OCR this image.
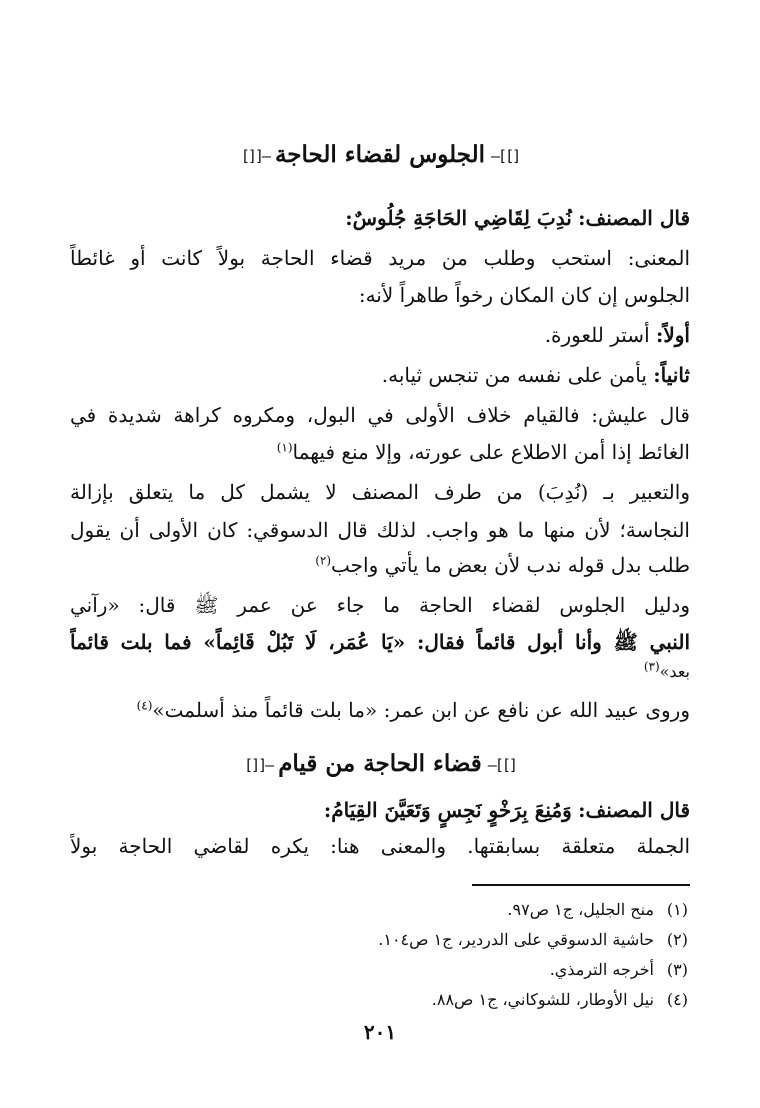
[]]—الجلوس لقضاء الحاجة—[[]
قال المصنف: نُدِبَ لِقَاضِي الحَاجَةِ جُلُوسٌ:
المعنى: استحب وطلب من مريد قضاء الحاجة بولاً كانت أو غائطاً
الجلوس إن كان المكان رخواً طاهراً لأنه:
أولاً: أستر للعورة.
ثانياً: يأمن على نفسه من تنجس ثيابه.
قال عليش: فالقيام خلاف الأولى في البول، ومكروه كراهة شديدة في
الغائط إذا أمن الاطلاع على عورته، وإلا منع فيهما$^{(١)}$
والتعبير بـ (نُدِبَ) من طرف المصنف لا يشمل كل ما يتعلق بإزالة
النجاسة؛ لأن منها ما هو واجب. لذلك قال الدسوقي: كان الأولى أن يقول
طلب بدل قوله ندب لأن بعض ما يأتي واجب$^{(٢)}$
ودليل الجلوس لقضاء الحاجة ما جاء عن عمر ﷺ قال: «رآني
النبي ﷺ وأنا أبول قائماً فقال: «يَا عُمَر، لَا تَبُلْ قَائِماً» فما بلت قائماً
بعد»$^{(٣)}$
وروى عبيد الله عن نافع عن ابن عمر: «ما بلت قائماً منذ أسلمت»$^{(٤)}$
[]]—قضاء الحاجة من قيام—[[]
قال المصنف: وَمُنِعَ بِرَخْوٍ نَجِسٍ وَتَعَيَّنَ القِيَامُ:
الجملة متعلقة بسابقتها. والمعنى هنا: يكره لقاضي الحاجة بولاً
(١)منح الجليل، ج١ ص٩٧.
(٢)حاشية الدسوقي على الدردير، ج١ ص١٠٤.
(٣)أخرجه الترمذي.
(٤)نيل الأوطار، للشوكاني، ج١ ص٨٨.
٢٠١
